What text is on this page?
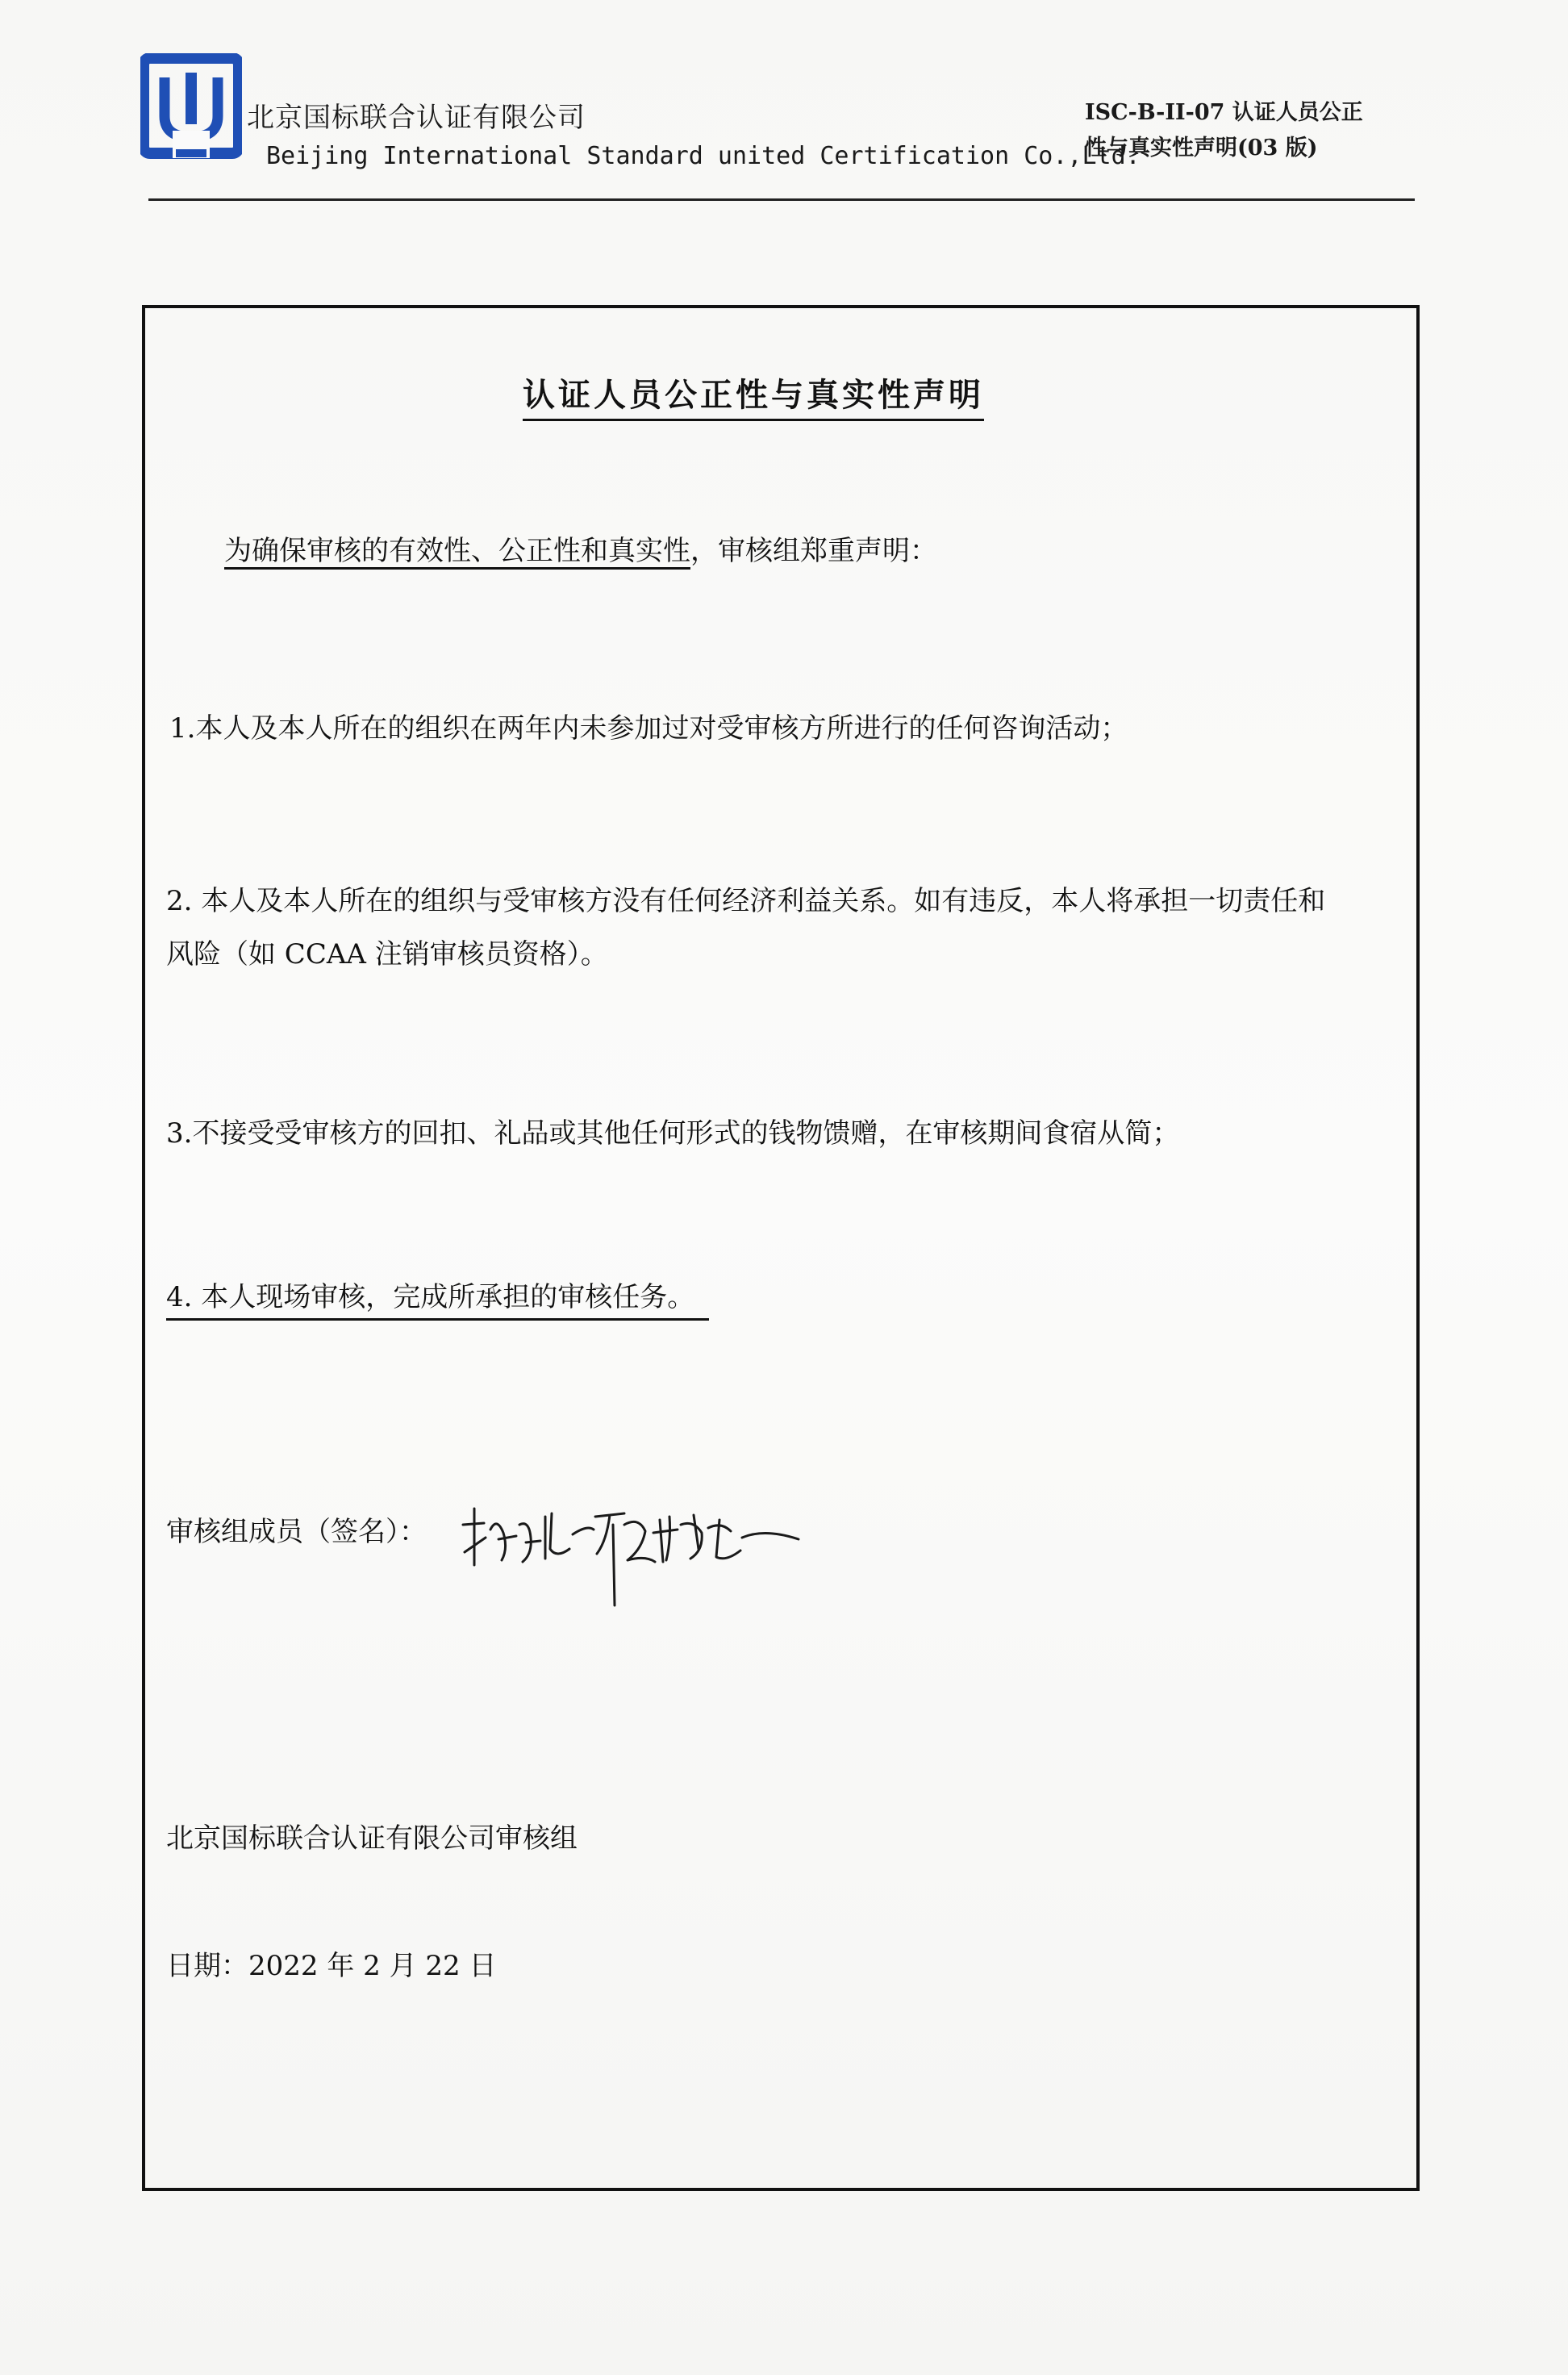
北京国标联合认证有限公司
Beijing International Standard united Certification Co.,Ltd.
ISC-B-II-07 认证人员公正
性与真实性声明(03 版)
认证人员公正性与真实性声明
为确保审核的有效性、公正性和真实性，审核组郑重声明：
1.本人及本人所在的组织在两年内未参加过对受审核方所进行的任何咨询活动；
2. 本人及本人所在的组织与受审核方没有任何经济利益关系。如有违反，本人将承担一切责任和
风险（如 CCAA 注销审核员资格）。
3.不接受受审核方的回扣、礼品或其他任何形式的钱物馈赠，在审核期间食宿从简；
4. 本人现场审核，完成所承担的审核任务。
审核组成员（签名）：
北京国标联合认证有限公司审核组
日期：2022 年 2 月 22 日
